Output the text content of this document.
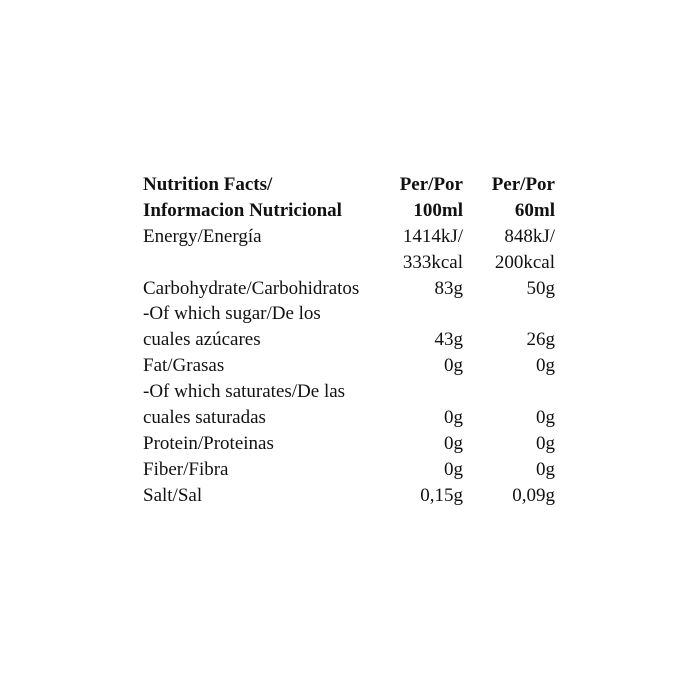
Nutrition Facts/	Per/Por Per/Por
Informacion Nutricional	100ml	60ml
Energy/Energía	1414kJ/ 848kJ/
333kcal 200kcal
Carbohydrate/Carbohidratos	83g	50g
-Of which sugar/De los
cuales azúcares	43g	26g
Fat/Grasas	0g	0g
-Of which saturates/De las
cuales saturadas	0g	0g
Protein/Proteinas	0g	0g
Fiber/Fibra	0g	0g
Salt/Sal	0,15g	0,09g
